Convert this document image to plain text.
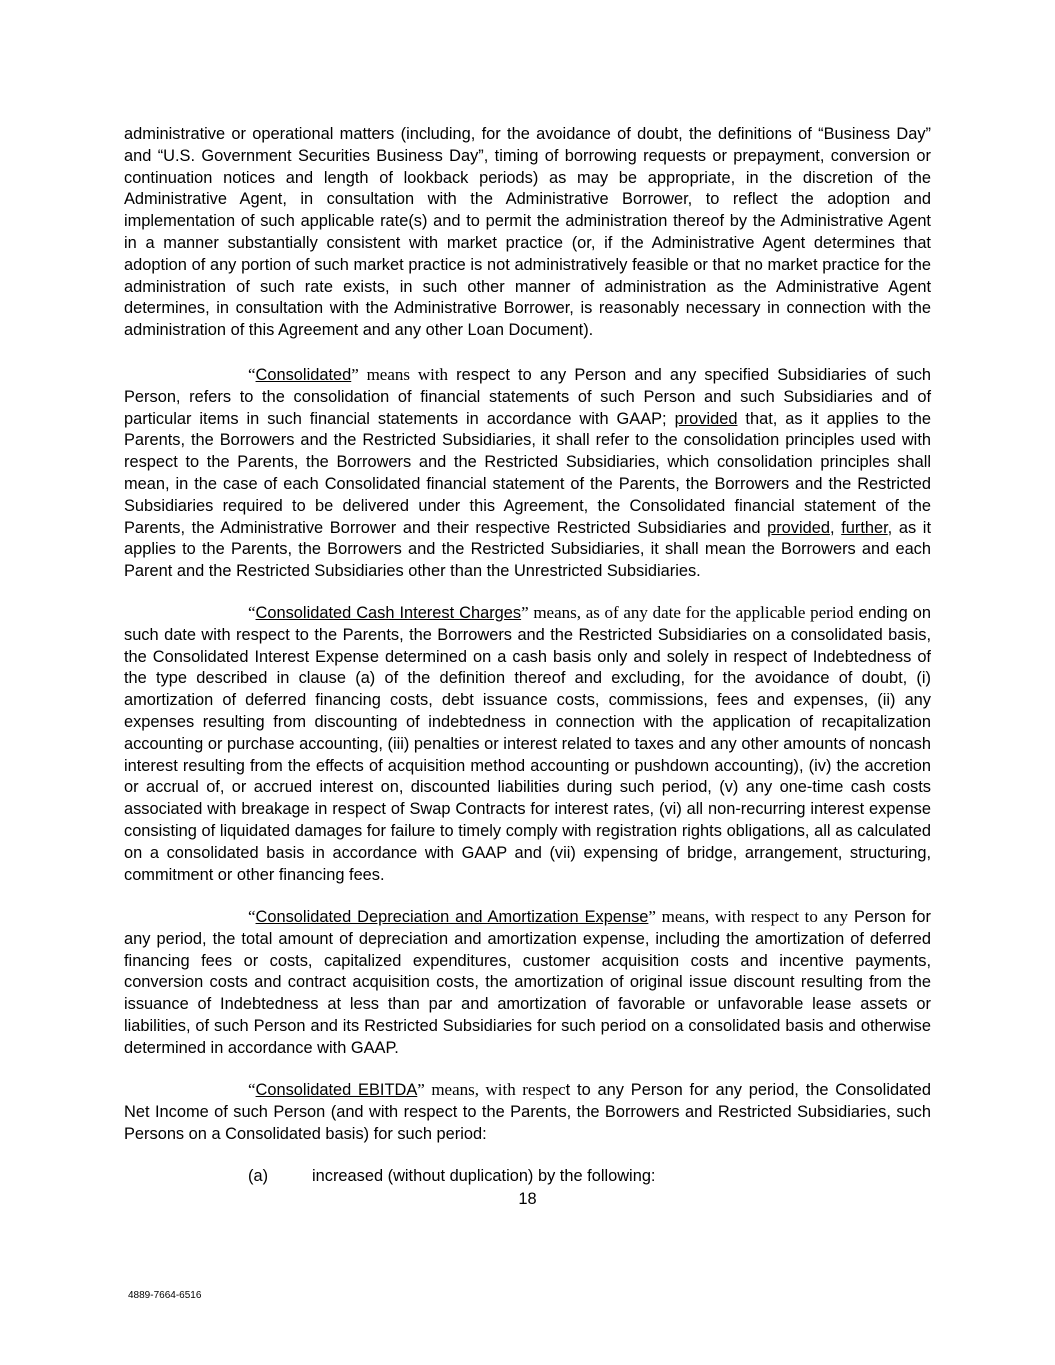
administrative or operational matters (including, for the avoidance of doubt, the definitions of “Business Day” and “U.S. Government Securities Business Day”, timing of borrowing requests or prepayment, conversion or continuation notices and length of lookback periods) as may be appropriate, in the discretion of the Administrative Agent, in consultation with the Administrative Borrower, to reflect the adoption and implementation of such applicable rate(s) and to permit the administration thereof by the Administrative Agent in a manner substantially consistent with market practice (or, if the Administrative Agent determines that adoption of any portion of such market practice is not administratively feasible or that no market practice for the administration of such rate exists, in such other manner of administration as the Administrative Agent determines, in consultation with the Administrative Borrower, is reasonably necessary in connection with the administration of this Agreement and any other Loan Document).
“Consolidated” means with respect to any Person and any specified Subsidiaries of such Person, refers to the consolidation of financial statements of such Person and such Subsidiaries and of particular items in such financial statements in accordance with GAAP; provided that, as it applies to the Parents, the Borrowers and the Restricted Subsidiaries, it shall refer to the consolidation principles used with respect to the Parents, the Borrowers and the Restricted Subsidiaries, which consolidation principles shall mean, in the case of each Consolidated financial statement of the Parents, the Borrowers and the Restricted Subsidiaries required to be delivered under this Agreement, the Consolidated financial statement of the Parents, the Administrative Borrower and their respective Restricted Subsidiaries and provided, further, as it applies to the Parents, the Borrowers and the Restricted Subsidiaries, it shall mean the Borrowers and each Parent and the Restricted Subsidiaries other than the Unrestricted Subsidiaries.
“Consolidated Cash Interest Charges” means, as of any date for the applicable period ending on such date with respect to the Parents, the Borrowers and the Restricted Subsidiaries on a consolidated basis, the Consolidated Interest Expense determined on a cash basis only and solely in respect of Indebtedness of the type described in clause (a) of the definition thereof and excluding, for the avoidance of doubt, (i) amortization of deferred financing costs, debt issuance costs, commissions, fees and expenses, (ii) any expenses resulting from discounting of indebtedness in connection with the application of recapitalization accounting or purchase accounting, (iii) penalties or interest related to taxes and any other amounts of noncash interest resulting from the effects of acquisition method accounting or pushdown accounting), (iv) the accretion or accrual of, or accrued interest on, discounted liabilities during such period, (v) any one-time cash costs associated with breakage in respect of Swap Contracts for interest rates, (vi) all non-recurring interest expense consisting of liquidated damages for failure to timely comply with registration rights obligations, all as calculated on a consolidated basis in accordance with GAAP and (vii) expensing of bridge, arrangement, structuring, commitment or other financing fees.
“Consolidated Depreciation and Amortization Expense” means, with respect to any Person for any period, the total amount of depreciation and amortization expense, including the amortization of deferred financing fees or costs, capitalized expenditures, customer acquisition costs and incentive payments, conversion costs and contract acquisition costs, the amortization of original issue discount resulting from the issuance of Indebtedness at less than par and amortization of favorable or unfavorable lease assets or liabilities, of such Person and its Restricted Subsidiaries for such period on a consolidated basis and otherwise determined in accordance with GAAP.
“Consolidated EBITDA” means, with respect to any Person for any period, the Consolidated Net Income of such Person (and with respect to the Parents, the Borrowers and Restricted Subsidiaries, such Persons on a Consolidated basis) for such period:
(a)	increased (without duplication) by the following:
18
4889-7664-6516
